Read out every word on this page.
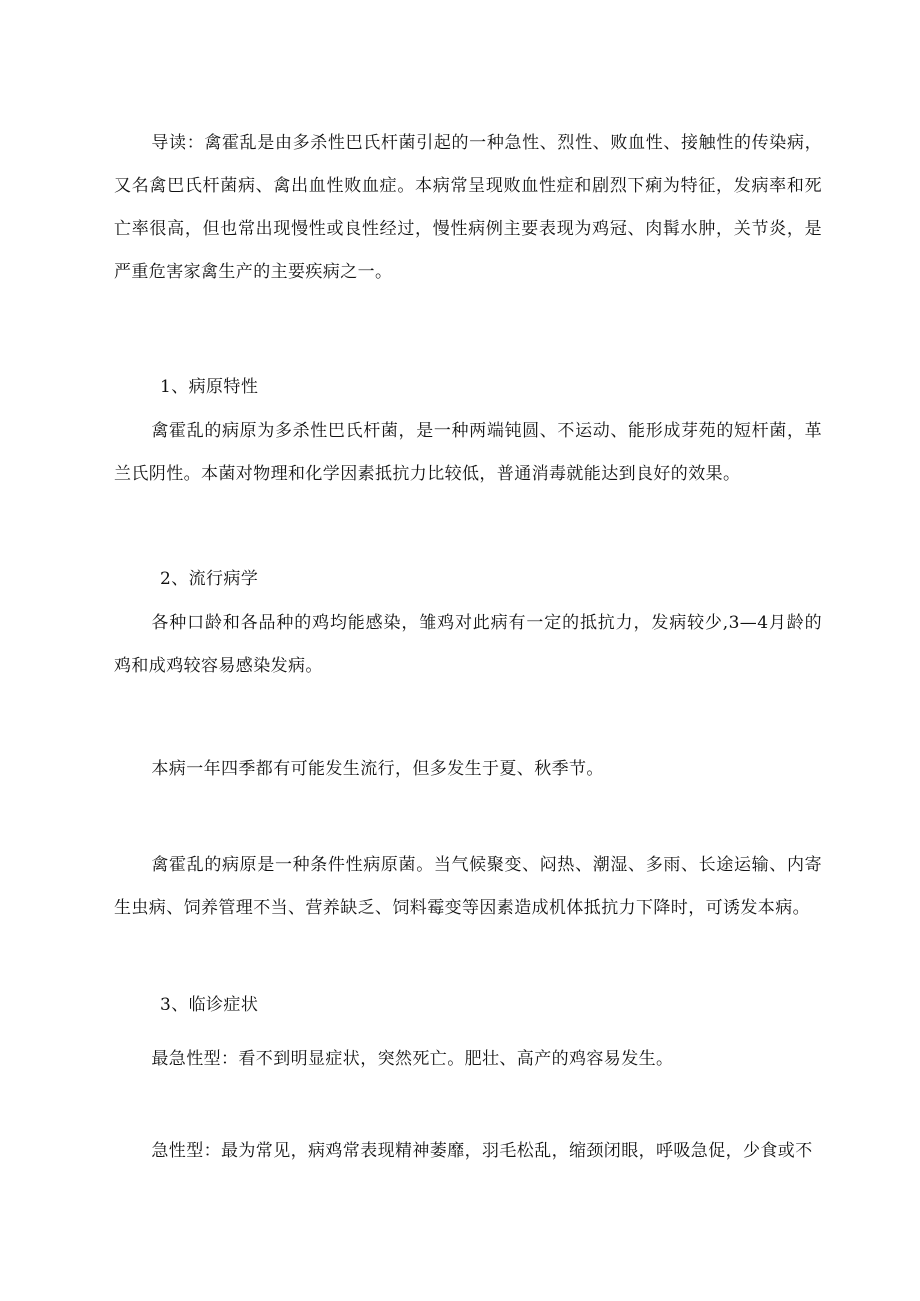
导读：禽霍乱是由多杀性巴氏杆菌引起的一种急性、烈性、败血性、接触性的传染病，又名禽巴氏杆菌病、禽出血性败血症。本病常呈现败血性症和剧烈下痢为特征，发病率和死亡率很高，但也常出现慢性或良性经过，慢性病例主要表现为鸡冠、肉髯水肿，关节炎，是严重危害家禽生产的主要疾病之一。

1、病原特性

禽霍乱的病原为多杀性巴氏杆菌，是一种两端钝圆、不运动、能形成芽苑的短杆菌，革兰氏阴性。本菌对物理和化学因素抵抗力比较低，普通消毒就能达到良好的效果。

2、流行病学

各种口龄和各品种的鸡均能感染，雏鸡对此病有一定的抵抗力，发病较少,3—4月龄的鸡和成鸡较容易感染发病。

本病一年四季都有可能发生流行，但多发生于夏、秋季节。

禽霍乱的病原是一种条件性病原菌。当气候聚变、闷热、潮湿、多雨、长途运输、内寄生虫病、饲养管理不当、营养缺乏、饲料霉变等因素造成机体抵抗力下降时，可诱发本病。

3、临诊症状

最急性型：看不到明显症状，突然死亡。肥壮、高产的鸡容易发生。

急性型：最为常见，病鸡常表现精神萎靡，羽毛松乱，缩颈闭眼，呼吸急促，少食或不
